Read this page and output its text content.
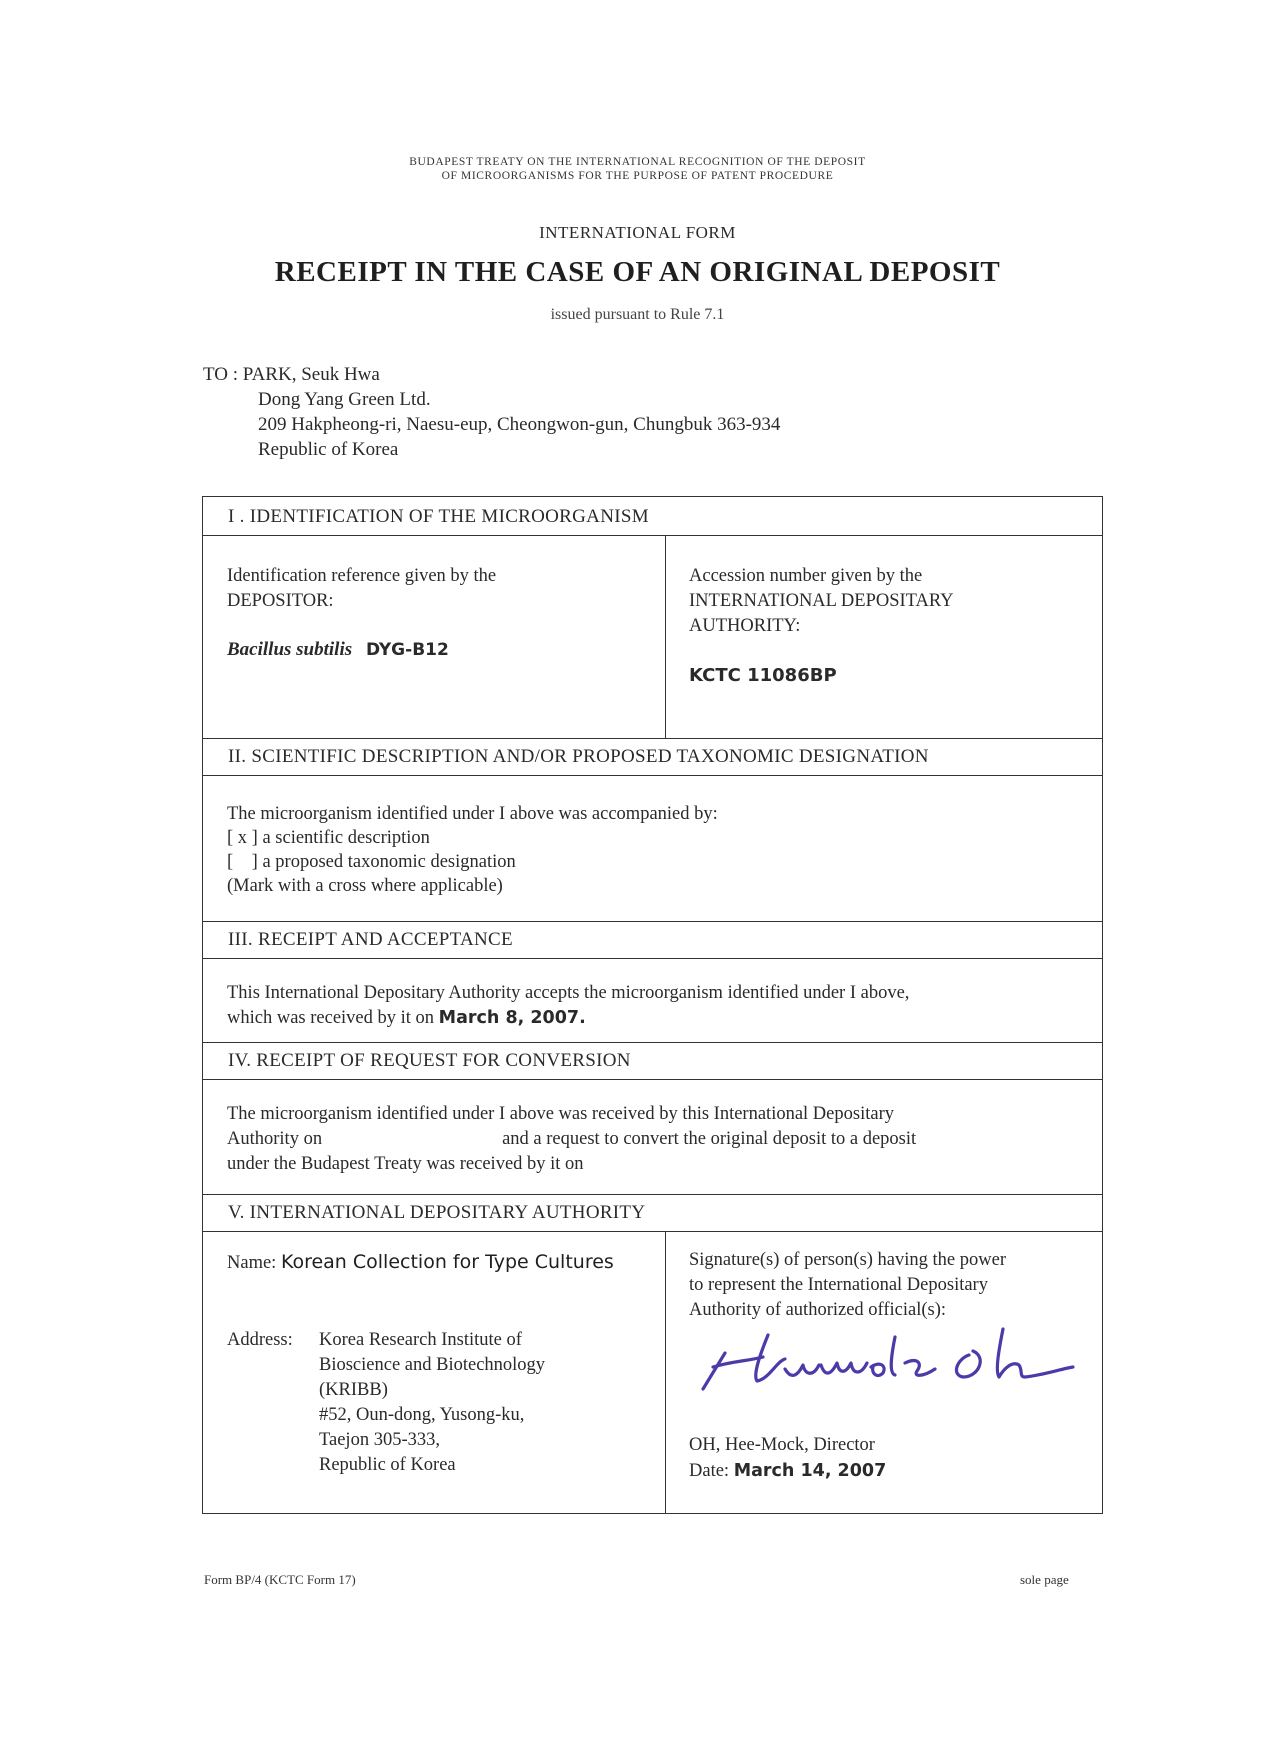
BUDAPEST TREATY ON THE INTERNATIONAL RECOGNITION OF THE DEPOSIT
OF MICROORGANISMS FOR THE PURPOSE OF PATENT PROCEDURE
INTERNATIONAL FORM
RECEIPT IN THE CASE OF AN ORIGINAL DEPOSIT
issued pursuant to Rule 7.1
TO : PARK, Seuk Hwa
Dong Yang Green Ltd.
209 Hakpheong-ri, Naesu-eup, Cheongwon-gun, Chungbuk 363-934
Republic of Korea
I . IDENTIFICATION OF THE MICROORGANISM
Identification reference given by the
DEPOSITOR:
Bacillus subtilis DYG-B12
Accession number given by the
INTERNATIONAL DEPOSITARY
AUTHORITY:
KCTC 11086BP
II. SCIENTIFIC DESCRIPTION AND/OR PROPOSED TAXONOMIC DESIGNATION
The microorganism identified under I above was accompanied by:
[ x ] a scientific description
[    ] a proposed taxonomic designation
(Mark with a cross where applicable)
III. RECEIPT AND ACCEPTANCE
This International Depositary Authority accepts the microorganism identified under I above,
which was received by it on March 8, 2007.
IV. RECEIPT OF REQUEST FOR CONVERSION
The microorganism identified under I above was received by this International Depositary
Authority on	and a request to convert the original deposit to a deposit
under the Budapest Treaty was received by it on
V. INTERNATIONAL DEPOSITARY AUTHORITY
Name: Korean Collection for Type Cultures
Address: Korea Research Institute of
Bioscience and Biotechnology
(KRIBB)
#52, Oun-dong, Yusong-ku,
Taejon 305-333,
Republic of Korea
Signature(s) of person(s) having the power
to represent the International Depositary
Authority of authorized official(s):
OH, Hee-Mock, Director
Date: March 14, 2007
Form BP/4 (KCTC Form 17)	sole page
